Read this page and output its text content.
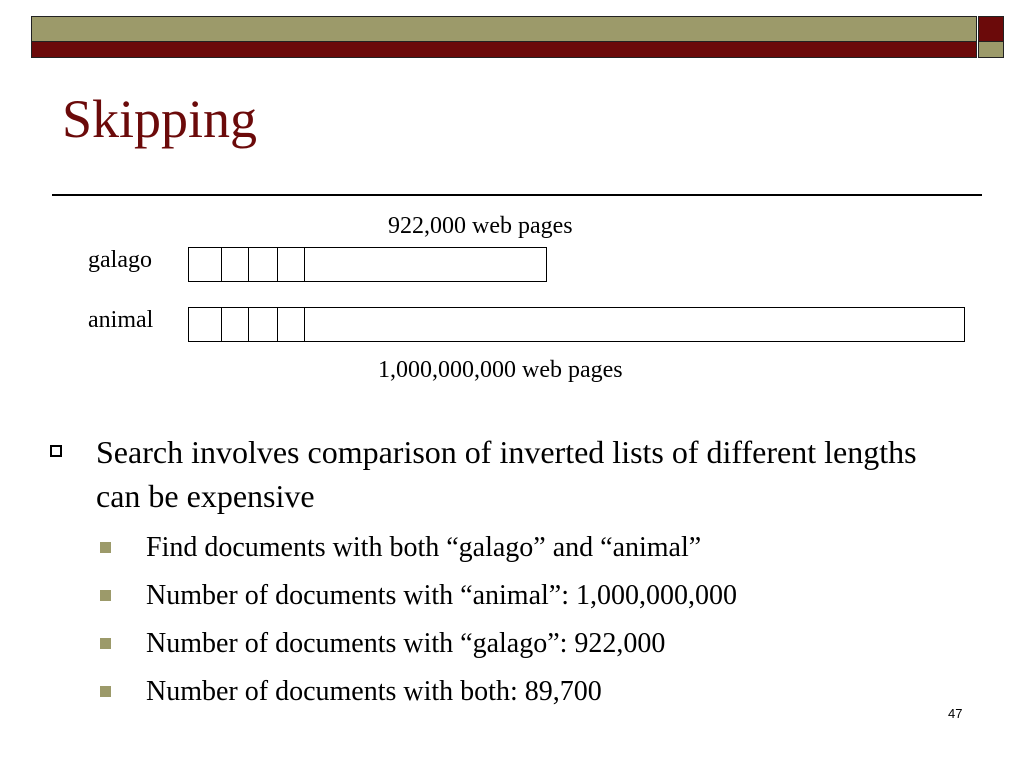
Skipping
922,000 web pages
galago
animal
1,000,000,000 web pages
Search involves comparison of inverted lists of different lengths can be expensive
Find documents with both “galago” and “animal”
Number of documents with “animal”: 1,000,000,000
Number of documents with “galago”: 922,000
Number of documents with both: 89,700
47
